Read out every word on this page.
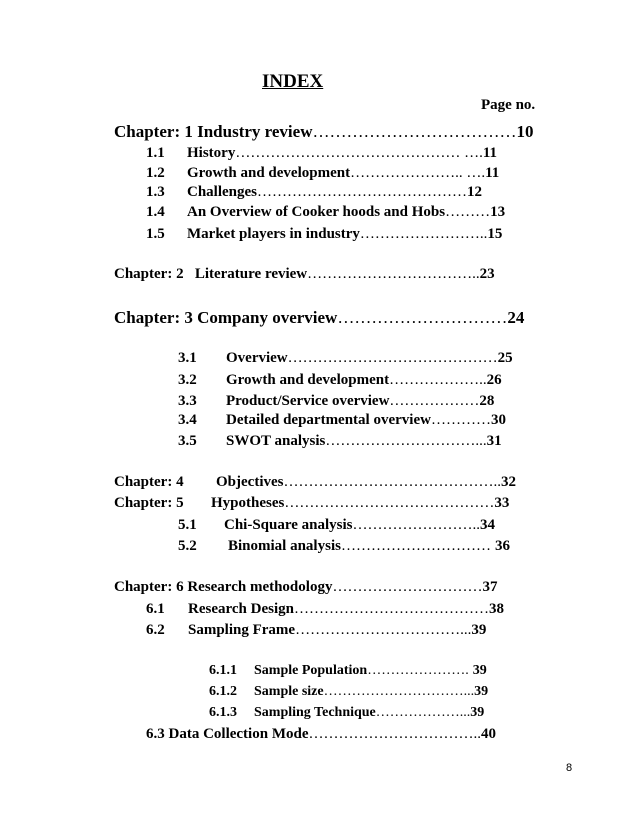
INDEX
Page no.
Chapter: 1 Industry review………………………………10
1.1 History……………………………………… ….11
1.2 Growth and development………………….. ….11
1.3 Challenges……………………………………12
1.4 An Overview of Cooker hoods and Hobs………13
1.5 Market players in industry……………………..15
Chapter: 2   Literature review……………………………..23
Chapter: 3 Company overview…………………………24
3.1 Overview……………………………………25
3.2 Growth and development………………..26
3.3 Product/Service overview………………28
3.4 Detailed departmental overview…………30
3.5 SWOT analysis…………………………...31
Chapter: 4 Objectives……………………………………..32
Chapter: 5 Hypotheses……………………………………33
5.1 Chi-Square analysis……………………..34
5.2 Binomial analysis………………………… 36
Chapter: 6 Research methodology…………………………37
6.1 Research Design…………………………………38
6.2 Sampling Frame……………………………...39
6.1.1 Sample Population…………………. 39
6.1.2 Sample size…………………………...39
6.1.3 Sampling Technique………………...39
6.3 Data Collection Mode……………………………..40
8
